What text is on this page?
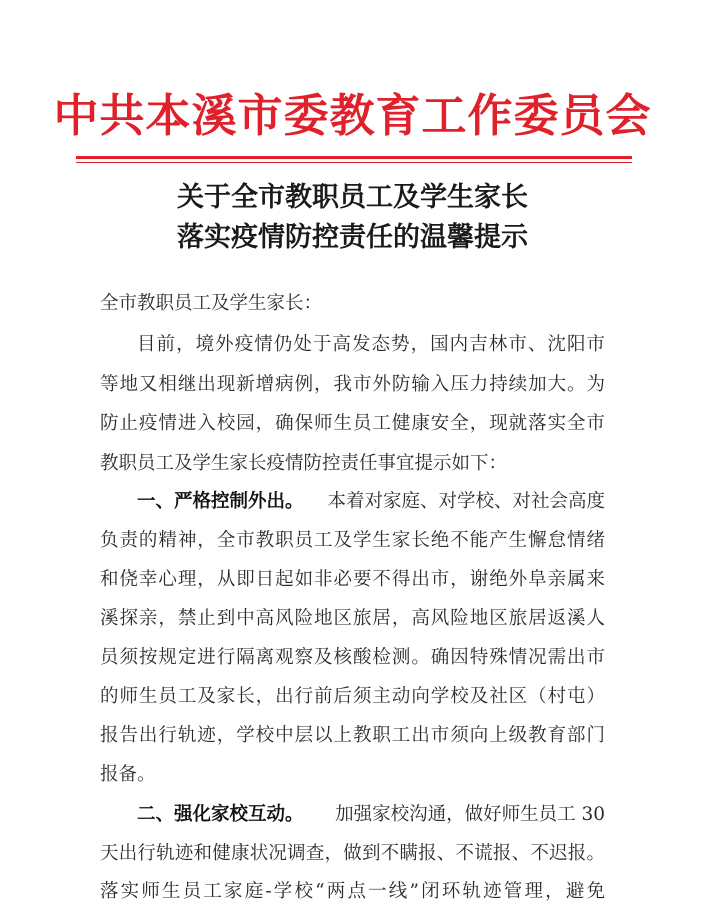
中共本溪市委教育工作委员会
关于全市教职员工及学生家长
落实疫情防控责任的温馨提示
全市教职员工及学生家长：
目前，境外疫情仍处于高发态势，国内吉林市、沈阳市
等地又相继出现新增病例，我市外防输入压力持续加大。为
防止疫情进入校园，确保师生员工健康安全，现就落实全市
教职员工及学生家长疫情防控责任事宜提示如下：
一、严格控制外出。 本着对家庭、对学校、对社会高度
负责的精神，全市教职员工及学生家长绝不能产生懈怠情绪
和侥幸心理，从即日起如非必要不得出市，谢绝外阜亲属来
溪探亲，禁止到中高风险地区旅居，高风险地区旅居返溪人
员须按规定进行隔离观察及核酸检测。确因特殊情况需出市
的师生员工及家长，出行前后须主动向学校及社区（村屯）
报告出行轨迹，学校中层以上教职工出市须向上级教育部门
报备。
二、强化家校互动。 加强家校沟通，做好师生员工 30
天出行轨迹和健康状况调查，做到不瞒报、不谎报、不迟报。
落实师生员工家庭-学校“两点一线”闭环轨迹管理，避免
